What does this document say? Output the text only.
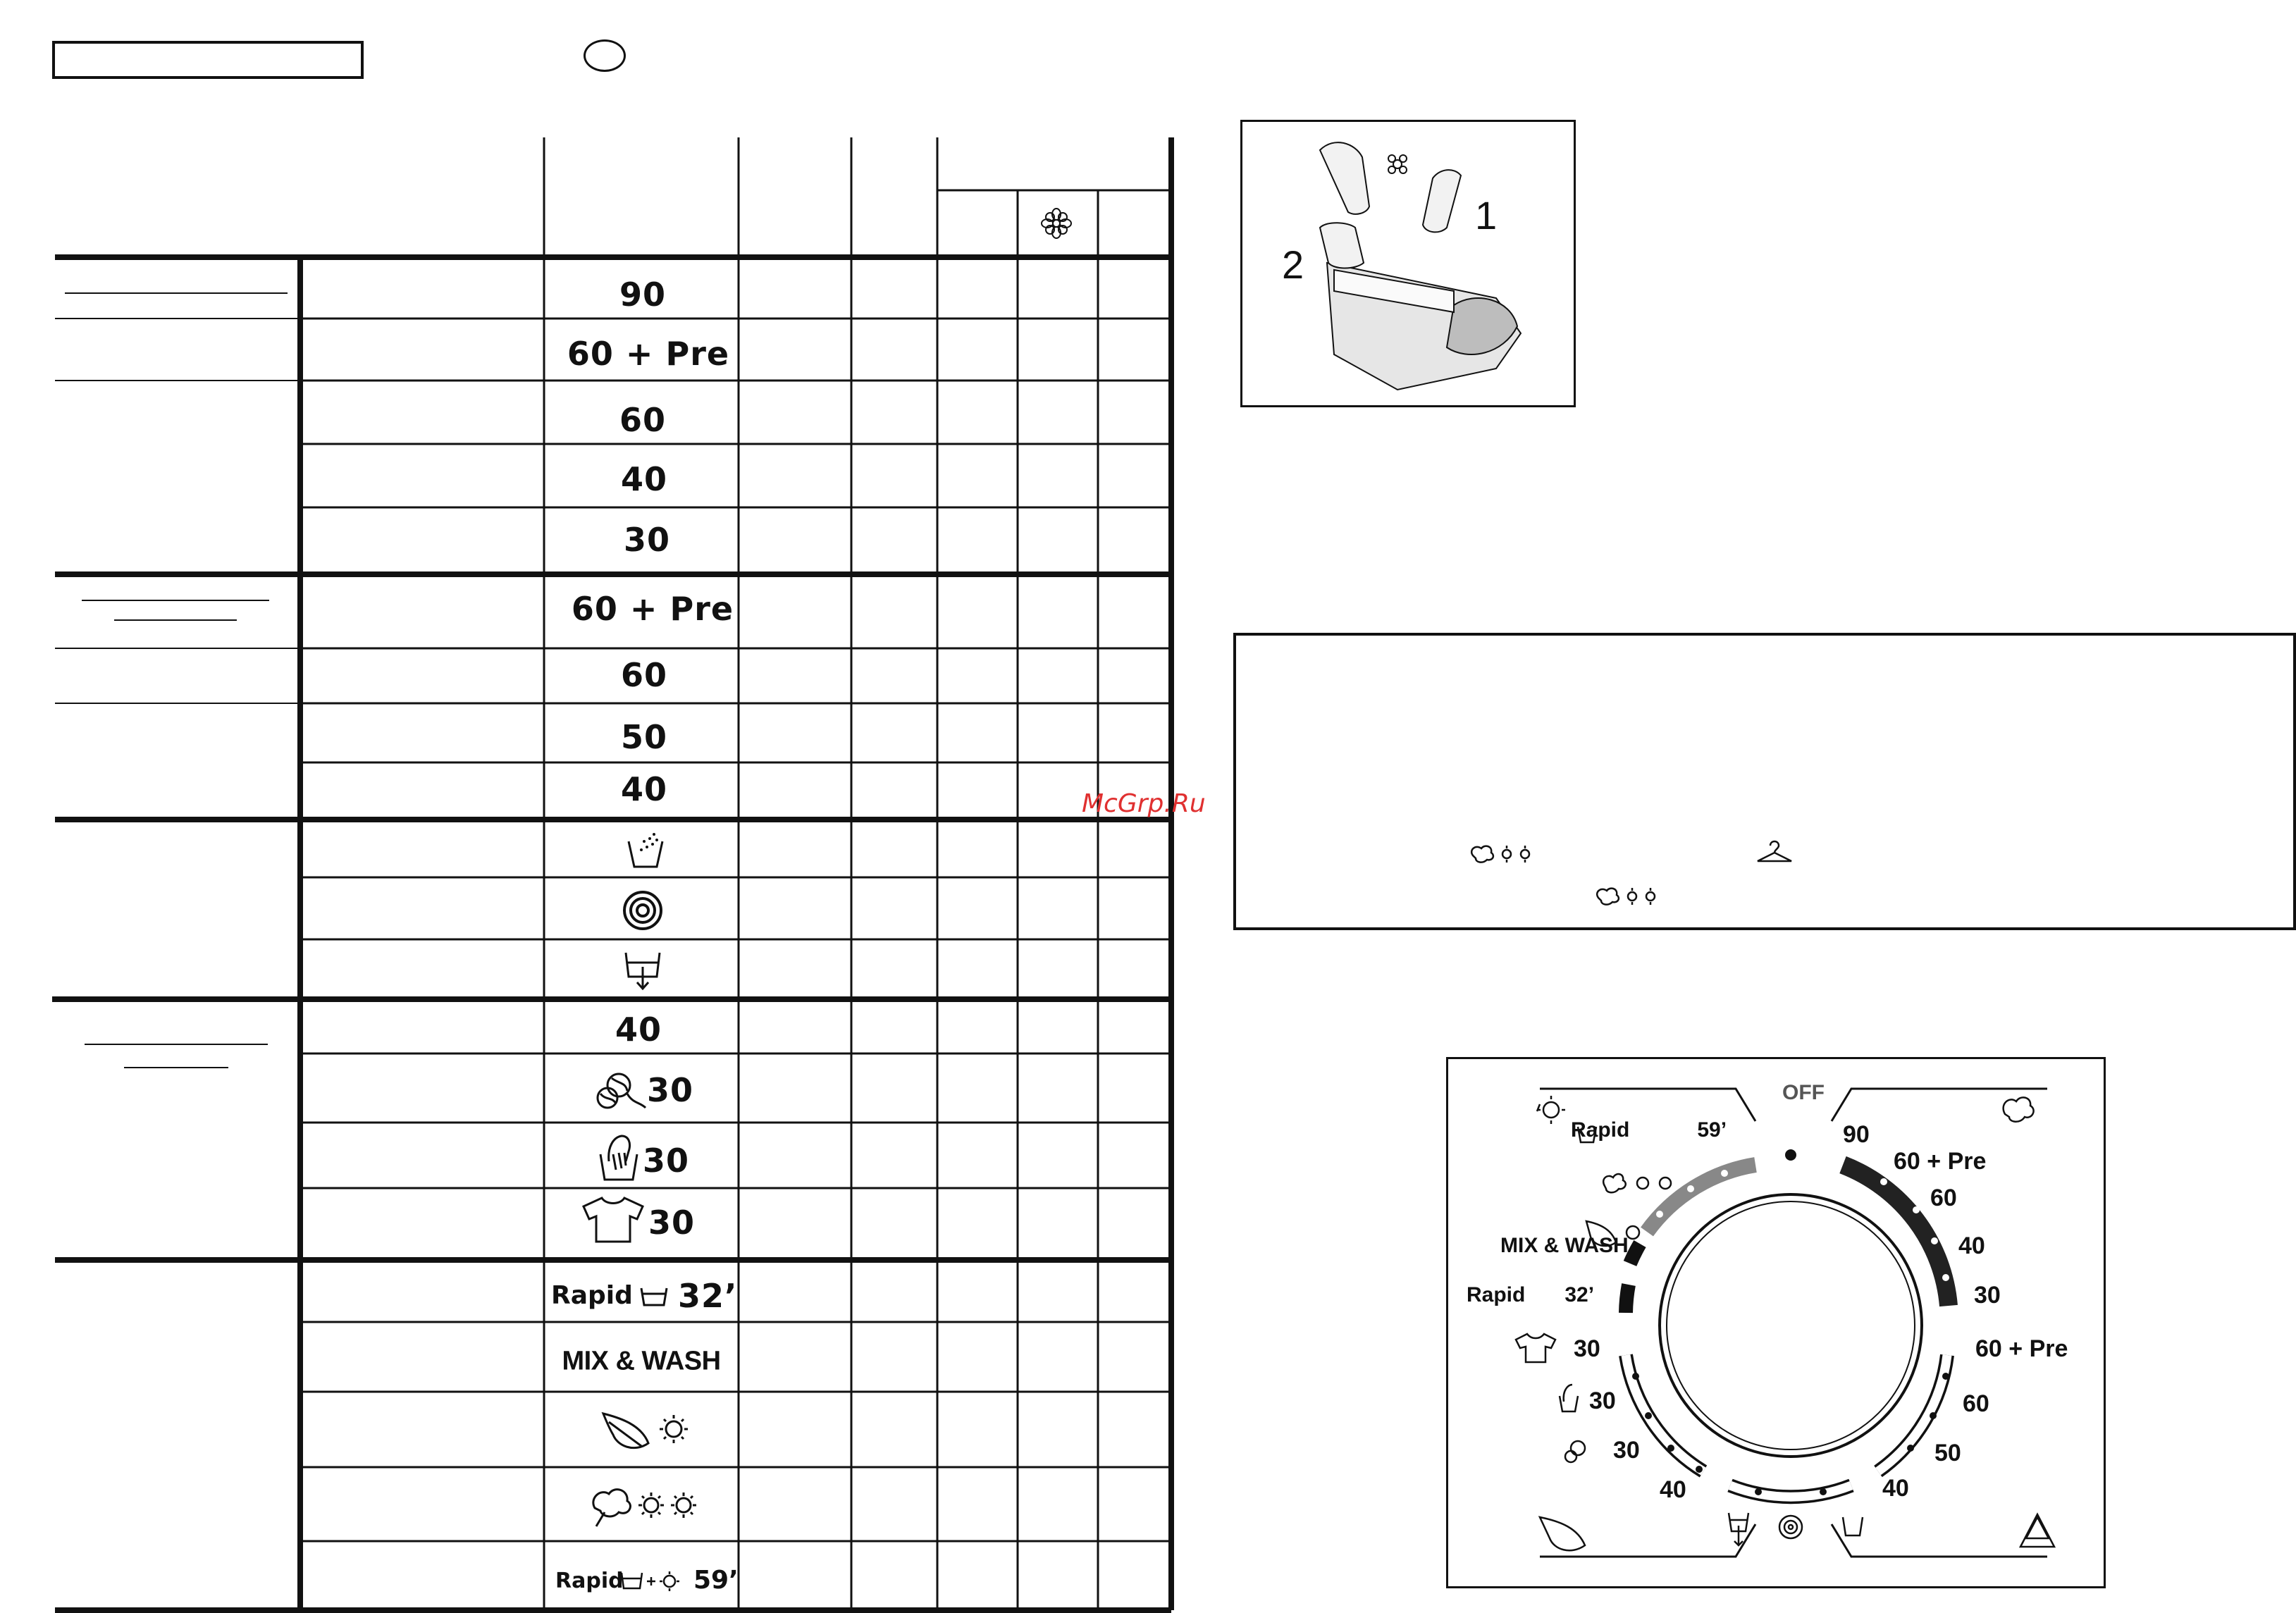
90
60 + Pre
60
40
30
60 + Pre
60
50
40
40
30
30
30
Rapid 32’
MIX & WASH
Rapid	59’
McGrp.Ru
1
2
OFF
90
60 + Pre
60
40
30
60 + Pre
60
50
40
Rapid	59’
MIX & WASH
Rapid 32’
30
30
30
40
